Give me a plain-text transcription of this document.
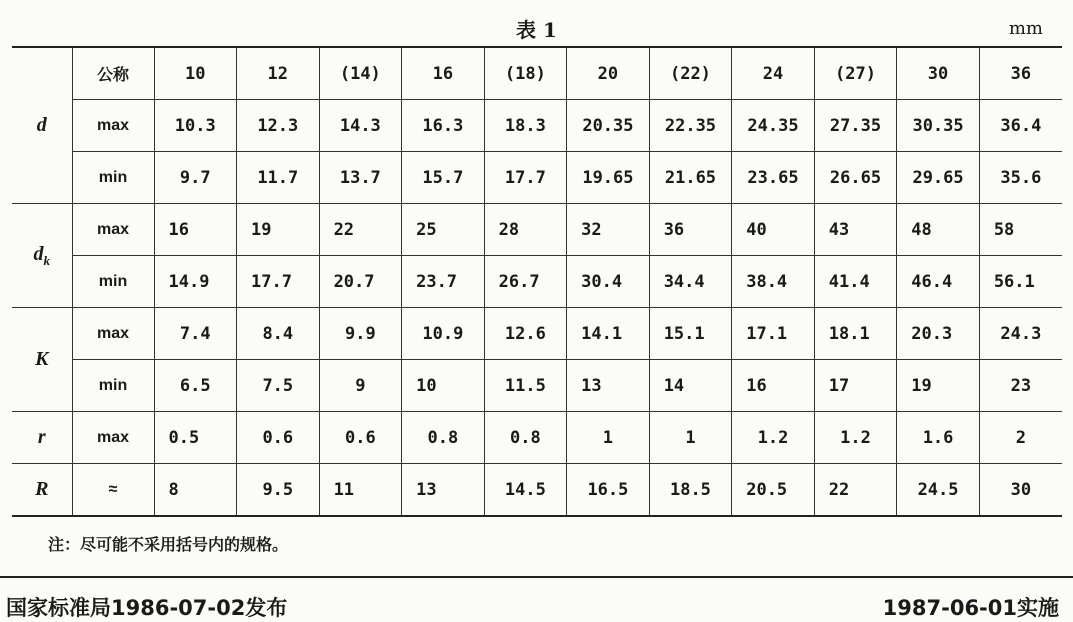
表 1	mm
d	公称	10	12	(14)	16	(18)	20	(22)	24	(27)	30	36
	max	10.3	12.3	14.3	16.3	18.3	20.35	22.35	24.35	27.35	30.35	36.4
	min	9.7	11.7	13.7	15.7	17.7	19.65	21.65	23.65	26.65	29.65	35.6
$d_k$	max	16	19	22	25	28	32	36	40	43	48	58
	min	14.9	17.7	20.7	23.7	26.7	30.4	34.4	38.4	41.4	46.4	56.1
K	max	7.4	8.4	9.9	10.9	12.6	14.1	15.1	17.1	18.1	20.3	24.3
	min	6.5	7.5	9	10	11.5	13	14	16	17	19	23
r	max	0.5	0.6	0.6	0.8	0.8	1	1	1.2	1.2	1.6	2
R	≈	8	9.5	11	13	14.5	16.5	18.5	20.5	22	24.5	30
注：尽可能不采用括号内的规格。
国家标准局1986-07-02发布	1987-06-01实施
